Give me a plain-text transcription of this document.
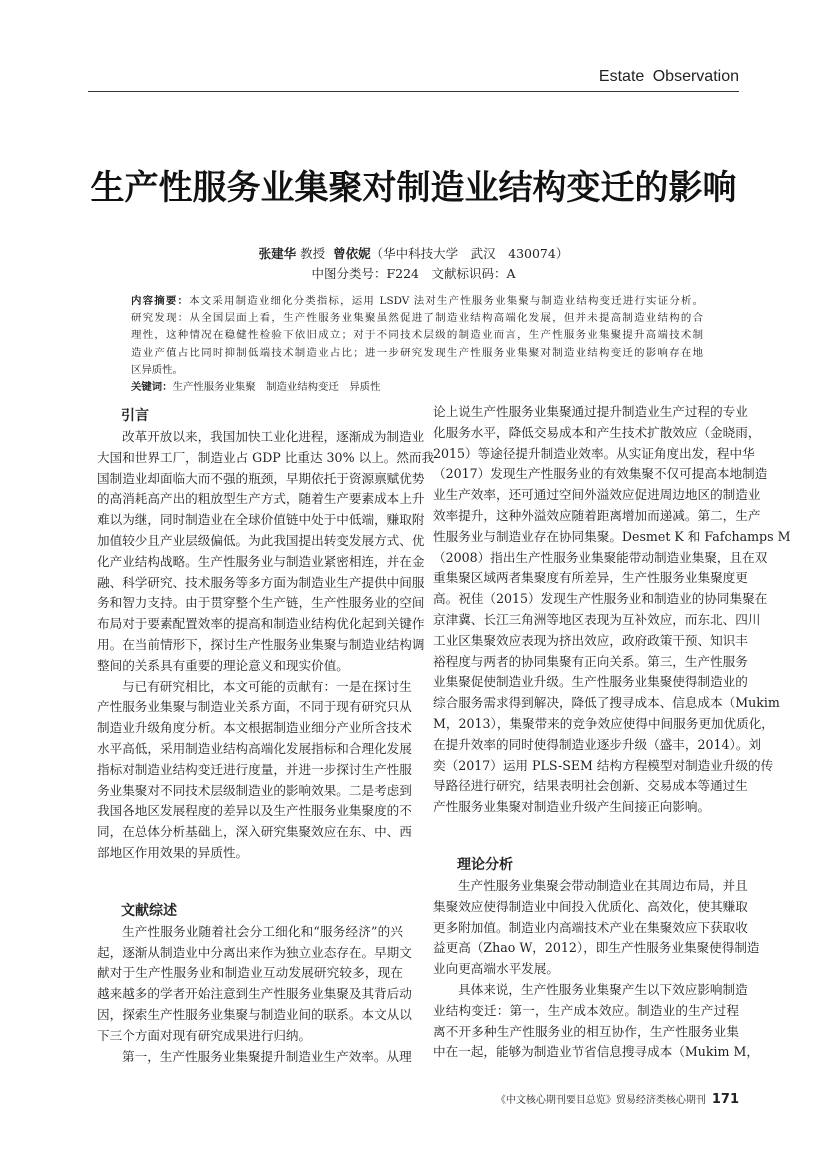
Estate Observation
生产性服务业集聚对制造业结构变迁的影响
张建华 教授 曾依妮（华中科技大学　武汉　430074）
中图分类号：F224　文献标识码：A
内容摘要：本文采用制造业细化分类指标，运用 LSDV 法对生产性服务业集聚与制造业结构变迁进行实证分析。
研究发现：从全国层面上看，生产性服务业集聚虽然促进了制造业结构高端化发展，但并未提高制造业结构的合
理性，这种情况在稳健性检验下依旧成立；对于不同技术层级的制造业而言，生产性服务业集聚提升高端技术制
造业产值占比同时抑制低端技术制造业占比；进一步研究发现生产性服务业集聚对制造业结构变迁的影响存在地
区异质性。
关键词：生产性服务业集聚　制造业结构变迁　异质性
引言
改革开放以来，我国加快工业化进程，逐渐成为制造业
大国和世界工厂，制造业占 GDP 比重达 30% 以上。然而我
国制造业却面临大而不强的瓶颈，早期依托于资源禀赋优势
的高消耗高产出的粗放型生产方式，随着生产要素成本上升
难以为继，同时制造业在全球价值链中处于中低端，赚取附
加值较少且产业层级偏低。为此我国提出转变发展方式、优
化产业结构战略。生产性服务业与制造业紧密相连，并在金
融、科学研究、技术服务等多方面为制造业生产提供中间服
务和智力支持。由于贯穿整个生产链，生产性服务业的空间
布局对于要素配置效率的提高和制造业结构优化起到关键作
用。在当前情形下，探讨生产性服务业集聚与制造业结构调
整间的关系具有重要的理论意义和现实价值。
与已有研究相比，本文可能的贡献有：一是在探讨生
产性服务业集聚与制造业关系方面，不同于现有研究只从
制造业升级角度分析。本文根据制造业细分产业所含技术
水平高低，采用制造业结构高端化发展指标和合理化发展
指标对制造业结构变迁进行度量，并进一步探讨生产性服
务业集聚对不同技术层级制造业的影响效果。二是考虑到
我国各地区发展程度的差异以及生产性服务业集聚度的不
同，在总体分析基础上，深入研究集聚效应在东、中、西
部地区作用效果的异质性。
文献综述
生产性服务业随着社会分工细化和“服务经济”的兴
起，逐渐从制造业中分离出来作为独立业态存在。早期文
献对于生产性服务业和制造业互动发展研究较多，现在
越来越多的学者开始注意到生产性服务业集聚及其背后动
因，探索生产性服务业集聚与制造业间的联系。本文从以
下三个方面对现有研究成果进行归纳。
第一，生产性服务业集聚提升制造业生产效率。从理
论上说生产性服务业集聚通过提升制造业生产过程的专业
化服务水平，降低交易成本和产生技术扩散效应（金晓雨，
2015）等途径提升制造业效率。从实证角度出发，程中华
（2017）发现生产性服务业的有效集聚不仅可提高本地制造
业生产效率，还可通过空间外溢效应促进周边地区的制造业
效率提升，这种外溢效应随着距离增加而递减。第二，生产
性服务业与制造业存在协同集聚。Desmet K 和 Fafchamps M
（2008）指出生产性服务业集聚能带动制造业集聚，且在双
重集聚区域两者集聚度有所差异，生产性服务业集聚度更
高。祝佳（2015）发现生产性服务业和制造业的协同集聚在
京津冀、长江三角洲等地区表现为互补效应，而东北、四川
工业区集聚效应表现为挤出效应，政府政策干预、知识丰
裕程度与两者的协同集聚有正向关系。第三，生产性服务
业集聚促使制造业升级。生产性服务业集聚使得制造业的
综合服务需求得到解决，降低了搜寻成本、信息成本（Mukim
M，2013），集聚带来的竞争效应使得中间服务更加优质化，
在提升效率的同时使得制造业逐步升级（盛丰，2014）。刘
奕（2017）运用 PLS-SEM 结构方程模型对制造业升级的传
导路径进行研究，结果表明社会创新、交易成本等通过生
产性服务业集聚对制造业升级产生间接正向影响。
理论分析
生产性服务业集聚会带动制造业在其周边布局，并且
集聚效应使得制造业中间投入优质化、高效化，使其赚取
更多附加值。制造业内高端技术产业在集聚效应下获取收
益更高（Zhao W，2012），即生产性服务业集聚使得制造
业向更高端水平发展。
具体来说，生产性服务业集聚产生以下效应影响制造
业结构变迁：第一，生产成本效应。制造业的生产过程
离不开多种生产性服务业的相互协作，生产性服务业集
中在一起，能够为制造业节省信息搜寻成本（Mukim M，
《中文核心期刊要目总览》贸易经济类核心期刊 171
